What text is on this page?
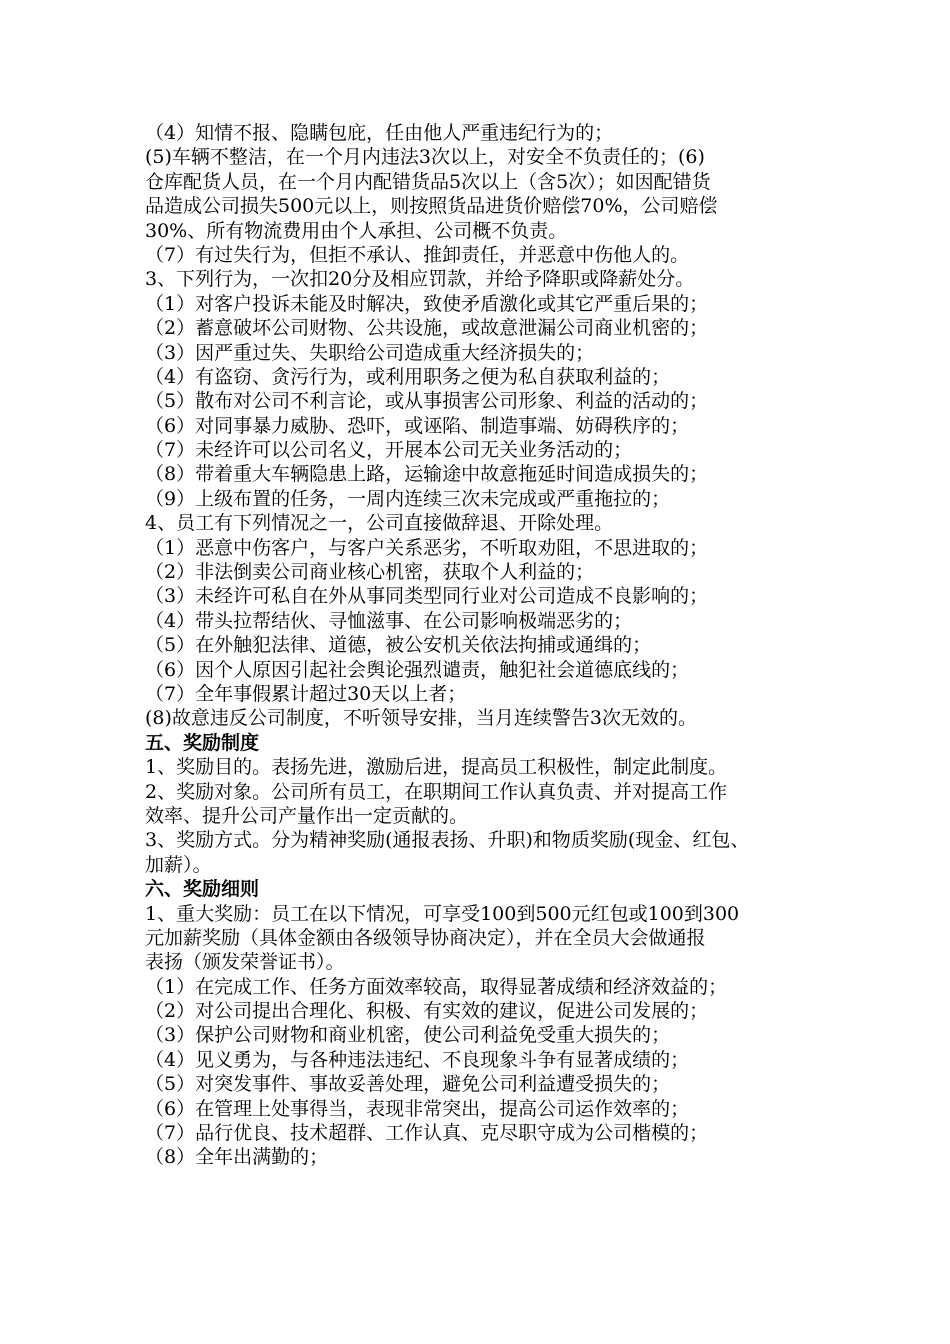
（4）知情不报、隐瞒包庇，任由他人严重违纪行为的；
(5)车辆不整洁，在一个月内违法3次以上，对安全不负责任的；(6)
仓库配货人员，在一个月内配错货品5次以上（含5次）；如因配错货
品造成公司损失500元以上，则按照货品进货价赔偿70%，公司赔偿
30%、所有物流费用由个人承担、公司概不负责。
（7）有过失行为，但拒不承认、推卸责任，并恶意中伤他人的。
3、下列行为，一次扣20分及相应罚款，并给予降职或降薪处分。
（1）对客户投诉未能及时解决，致使矛盾激化或其它严重后果的；
（2）蓄意破坏公司财物、公共设施，或故意泄漏公司商业机密的；
（3）因严重过失、失职给公司造成重大经济损失的；
（4）有盗窃、贪污行为，或利用职务之便为私自获取利益的；
（5）散布对公司不利言论，或从事损害公司形象、利益的活动的；
（6）对同事暴力威胁、恐吓，或诬陷、制造事端、妨碍秩序的；
（7）未经许可以公司名义，开展本公司无关业务活动的；
（8）带着重大车辆隐患上路，运输途中故意拖延时间造成损失的；
（9）上级布置的任务，一周内连续三次未完成或严重拖拉的；
4、员工有下列情况之一，公司直接做辞退、开除处理。
（1）恶意中伤客户，与客户关系恶劣，不听取劝阻，不思进取的；
（2）非法倒卖公司商业核心机密，获取个人利益的；
（3）未经许可私自在外从事同类型同行业对公司造成不良影响的；
（4）带头拉帮结伙、寻恤滋事、在公司影响极端恶劣的；
（5）在外触犯法律、道德，被公安机关依法拘捕或通缉的；
（6）因个人原因引起社会舆论强烈谴责，触犯社会道德底线的；
（7）全年事假累计超过30天以上者；
(8)故意违反公司制度，不听领导安排，当月连续警告3次无效的。
五、奖励制度
1、奖励目的。表扬先进，激励后进，提高员工积极性，制定此制度。
2、奖励对象。公司所有员工，在职期间工作认真负责、并对提高工作
效率、提升公司产量作出一定贡献的。
3、奖励方式。分为精神奖励(通报表扬、升职)和物质奖励(现金、红包、
加薪）。
六、奖励细则
1、重大奖励：员工在以下情况，可享受100到500元红包或100到300
元加薪奖励（具体金额由各级领导协商决定），并在全员大会做通报
表扬（颁发荣誉证书）。
（1）在完成工作、任务方面效率较高，取得显著成绩和经济效益的；
（2）对公司提出合理化、积极、有实效的建议，促进公司发展的；
（3）保护公司财物和商业机密，使公司利益免受重大损失的；
（4）见义勇为，与各种违法违纪、不良现象斗争有显著成绩的；
（5）对突发事件、事故妥善处理，避免公司利益遭受损失的；
（6）在管理上处事得当，表现非常突出，提高公司运作效率的；
（7）品行优良、技术超群、工作认真、克尽职守成为公司楷模的；
（8）全年出满勤的；
